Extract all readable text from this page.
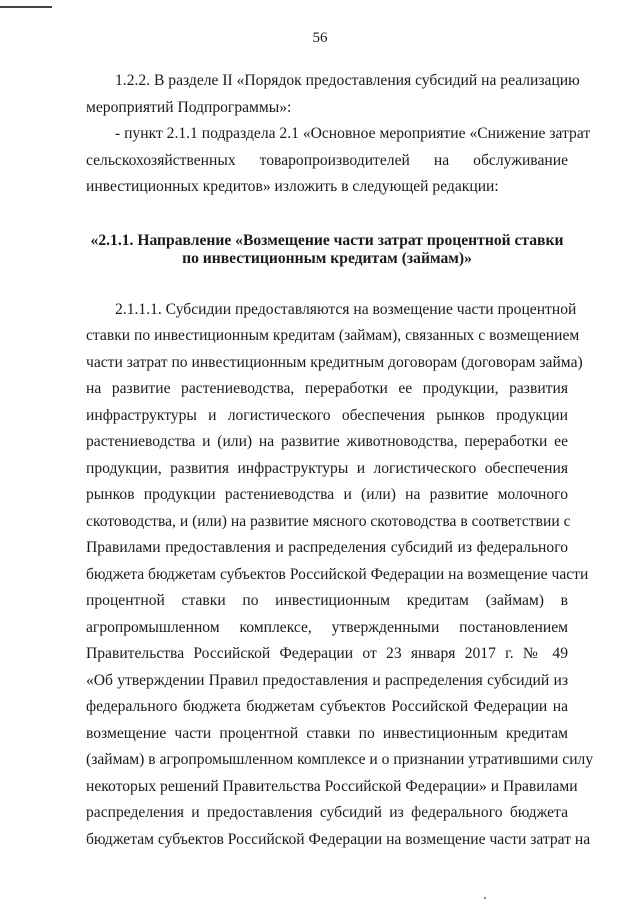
56
1.2.2. В разделе II «Порядок предоставления субсидий на реализацию
мероприятий Подпрограммы»:
- пункт 2.1.1 подраздела 2.1 «Основное мероприятие «Снижение затрат
сельскохозяйственных товаропроизводителей на обслуживание
инвестиционных кредитов» изложить в следующей редакции:
«2.1.1. Направление «Возмещение части затрат процентной ставки
по инвестиционным кредитам (займам)»
2.1.1.1. Субсидии предоставляются на возмещение части процентной
ставки по инвестиционным кредитам (займам), связанных с возмещением
части затрат по инвестиционным кредитным договорам (договорам займа)
на развитие растениеводства, переработки ее продукции, развития
инфраструктуры и логистического обеспечения рынков продукции
растениеводства и (или) на развитие животноводства, переработки ее
продукции, развития инфраструктуры и логистического обеспечения
рынков продукции растениеводства и (или) на развитие молочного
скотоводства, и (или) на развитие мясного скотоводства в соответствии с
Правилами предоставления и распределения субсидий из федерального
бюджета бюджетам субъектов Российской Федерации на возмещение части
процентной ставки по инвестиционным кредитам (займам) в
агропромышленном комплексе, утвержденными постановлением
Правительства Российской Федерации от 23 января 2017 г. № 49
«Об утверждении Правил предоставления и распределения субсидий из
федерального бюджета бюджетам субъектов Российской Федерации на
возмещение части процентной ставки по инвестиционным кредитам
(займам) в агропромышленном комплексе и о признании утратившими силу
некоторых решений Правительства Российской Федерации» и Правилами
распределения и предоставления субсидий из федерального бюджета
бюджетам субъектов Российской Федерации на возмещение части затрат на
